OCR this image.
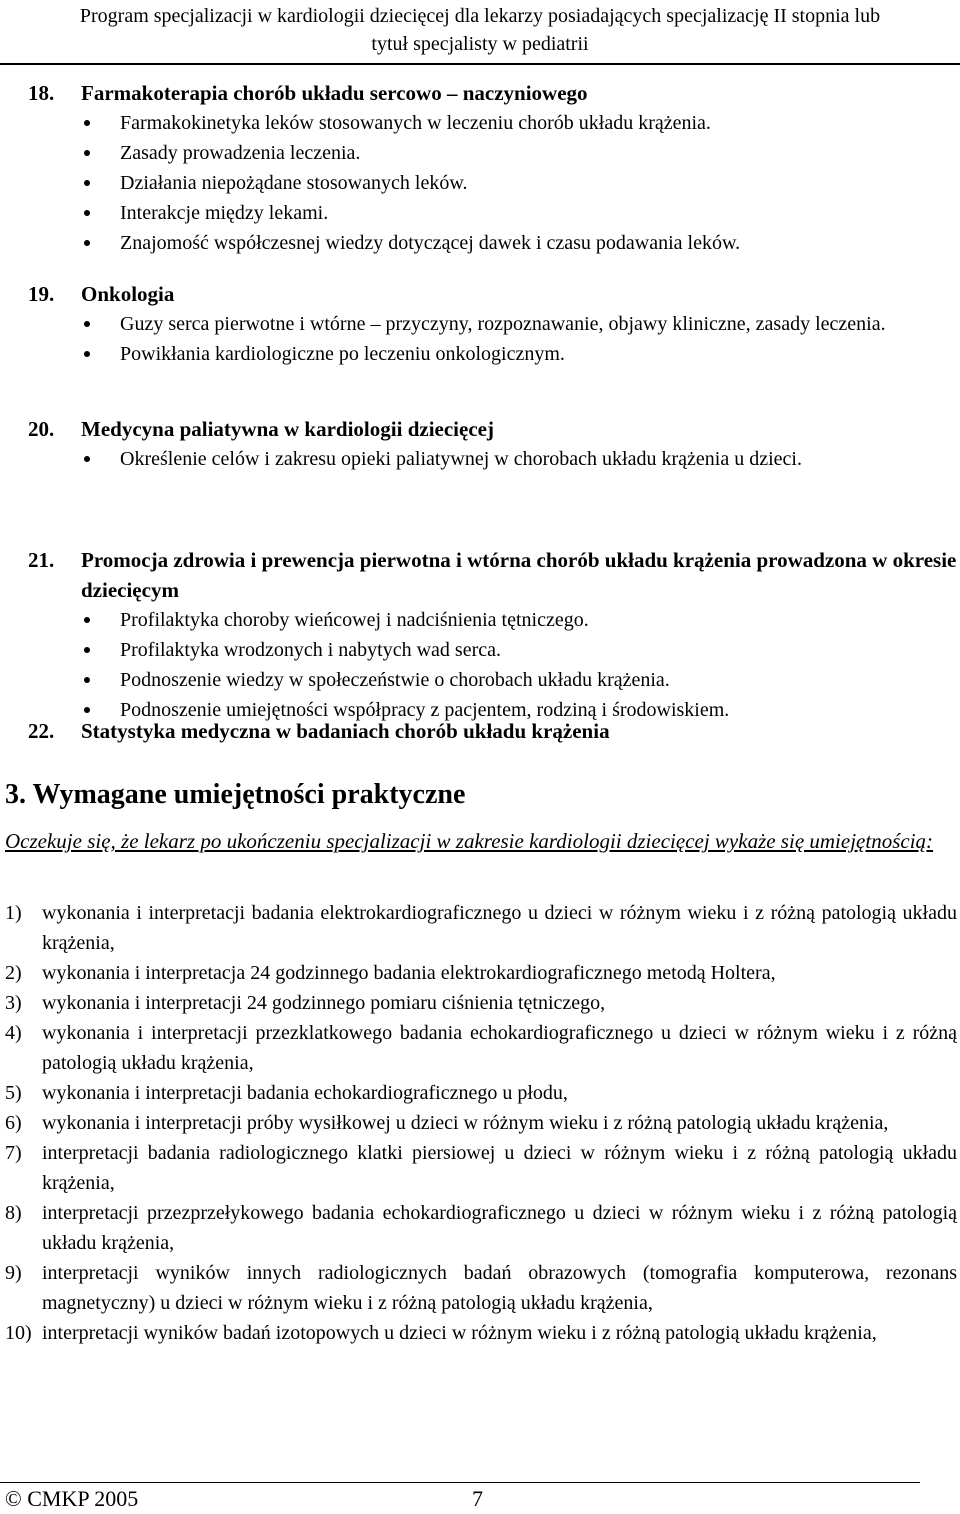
Program specjalizacji w kardiologii dziecięcej dla lekarzy posiadających specjalizację II stopnia lub
tytuł specjalisty w pediatrii
18.	Farmakoterapia chorób układu sercowo – naczyniowego
Farmakokinetyka leków stosowanych w leczeniu chorób układu krążenia.
Zasady prowadzenia leczenia.
Działania niepożądane stosowanych leków.
Interakcje między lekami.
Znajomość współczesnej wiedzy dotyczącej dawek i czasu podawania leków.
19.	Onkologia
Guzy serca pierwotne i wtórne – przyczyny, rozpoznawanie, objawy kliniczne, zasady leczenia.
Powikłania kardiologiczne po leczeniu onkologicznym.
20.	Medycyna paliatywna w kardiologii dziecięcej
Określenie celów i zakresu opieki paliatywnej w chorobach układu krążenia u dzieci.
21.	Promocja zdrowia i prewencja pierwotna i wtórna chorób układu krążenia prowadzona w okresie dziecięcym
Profilaktyka choroby wieńcowej i nadciśnienia tętniczego.
Profilaktyka wrodzonych i nabytych wad serca.
Podnoszenie wiedzy w społeczeństwie o chorobach układu krążenia.
Podnoszenie umiejętności współpracy z pacjentem, rodziną i środowiskiem.
22.	Statystyka medyczna w badaniach chorób układu krążenia
3. Wymagane umiejętności praktyczne
Oczekuje się, że lekarz po ukończeniu specjalizacji w zakresie kardiologii dziecięcej wykaże się umiejętnością:
1)	wykonania i interpretacji badania elektrokardiograficznego u dzieci w różnym wieku i z różną patologią układu krążenia,
2)	wykonania i interpretacja 24 godzinnego badania elektrokardiograficznego metodą Holtera,
3)	wykonania i interpretacji 24 godzinnego pomiaru ciśnienia tętniczego,
4)	wykonania i interpretacji przezklatkowego badania echokardiograficznego u dzieci w różnym wieku i z różną patologią układu krążenia,
5)	wykonania i interpretacji badania echokardiograficznego u płodu,
6)	wykonania i interpretacji próby wysiłkowej u dzieci w różnym wieku i z różną patologią układu krążenia,
7)	interpretacji badania radiologicznego klatki piersiowej u dzieci w różnym wieku i z różną patologią układu krążenia,
8)	interpretacji przezprzełykowego badania echokardiograficznego u dzieci w różnym wieku i z różną patologią układu krążenia,
9)	interpretacji wyników innych radiologicznych badań obrazowych (tomografia komputerowa, rezonans magnetyczny) u dzieci w różnym wieku i z różną patologią układu krążenia,
10) interpretacji wyników badań izotopowych u dzieci w różnym wieku i z różną patologią układu krążenia,
© CMKP 2005	7
